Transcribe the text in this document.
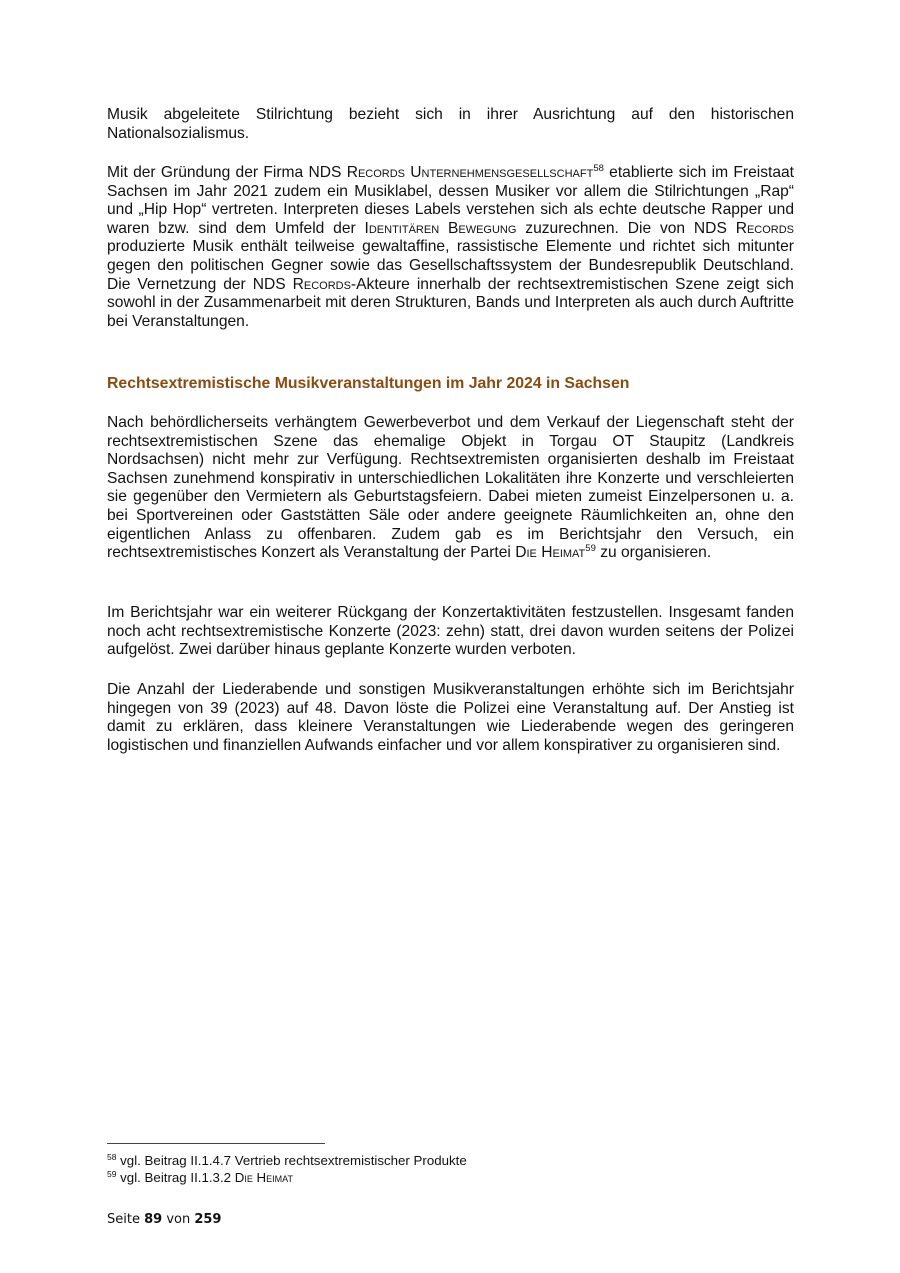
Musik abgeleitete Stilrichtung bezieht sich in ihrer Ausrichtung auf den historischen Nationalsozialismus.

Mit der Gründung der Firma NDS Records Unternehmensgesellschaft$^{58}$ etablierte sich im Freistaat Sachsen im Jahr 2021 zudem ein Musiklabel, dessen Musiker vor allem die Stilrichtungen „Rap“ und „Hip Hop“ vertreten. Interpreten dieses Labels verstehen sich als echte deutsche Rapper und waren bzw. sind dem Umfeld der Identitären Bewegung zuzurechnen. Die von NDS Records produzierte Musik enthält teilweise gewaltaffine, rassistische Elemente und richtet sich mitunter gegen den politischen Gegner sowie das Gesellschaftssystem der Bundesrepublik Deutschland. Die Vernetzung der NDS Records-Akteure innerhalb der rechtsextremistischen Szene zeigt sich sowohl in der Zusammenarbeit mit deren Strukturen, Bands und Interpreten als auch durch Auftritte bei Veranstaltungen.

Rechtsextremistische Musikveranstaltungen im Jahr 2024 in Sachsen

Nach behördlicherseits verhängtem Gewerbeverbot und dem Verkauf der Liegenschaft steht der rechtsextremistischen Szene das ehemalige Objekt in Torgau OT Staupitz (Landkreis Nordsachsen) nicht mehr zur Verfügung. Rechtsextremisten organisierten deshalb im Freistaat Sachsen zunehmend konspirativ in unterschiedlichen Lokalitäten ihre Konzerte und verschleierten sie gegenüber den Vermietern als Geburtstagsfeiern. Dabei mieten zumeist Einzelpersonen u. a. bei Sportvereinen oder Gaststätten Säle oder andere geeignete Räumlichkeiten an, ohne den eigentlichen Anlass zu offenbaren. Zudem gab es im Berichtsjahr den Versuch, ein rechtsextremistisches Konzert als Veranstaltung der Partei Die Heimat$^{59}$ zu organisieren.

Im Berichtsjahr war ein weiterer Rückgang der Konzertaktivitäten festzustellen. Insgesamt fanden noch acht rechtsextremistische Konzerte (2023: zehn) statt, drei davon wurden seitens der Polizei aufgelöst. Zwei darüber hinaus geplante Konzerte wurden verboten.

Die Anzahl der Liederabende und sonstigen Musikveranstaltungen erhöhte sich im Berichtsjahr hingegen von 39 (2023) auf 48. Davon löste die Polizei eine Veranstaltung auf. Der Anstieg ist damit zu erklären, dass kleinere Veranstaltungen wie Liederabende wegen des geringeren logistischen und finanziellen Aufwands einfacher und vor allem konspirativer zu organisieren sind.

$^{58}$ vgl. Beitrag II.1.4.7 Vertrieb rechtsextremistischer Produkte

$^{59}$ vgl. Beitrag II.1.3.2 Die Heimat

Seite 89 von 259
